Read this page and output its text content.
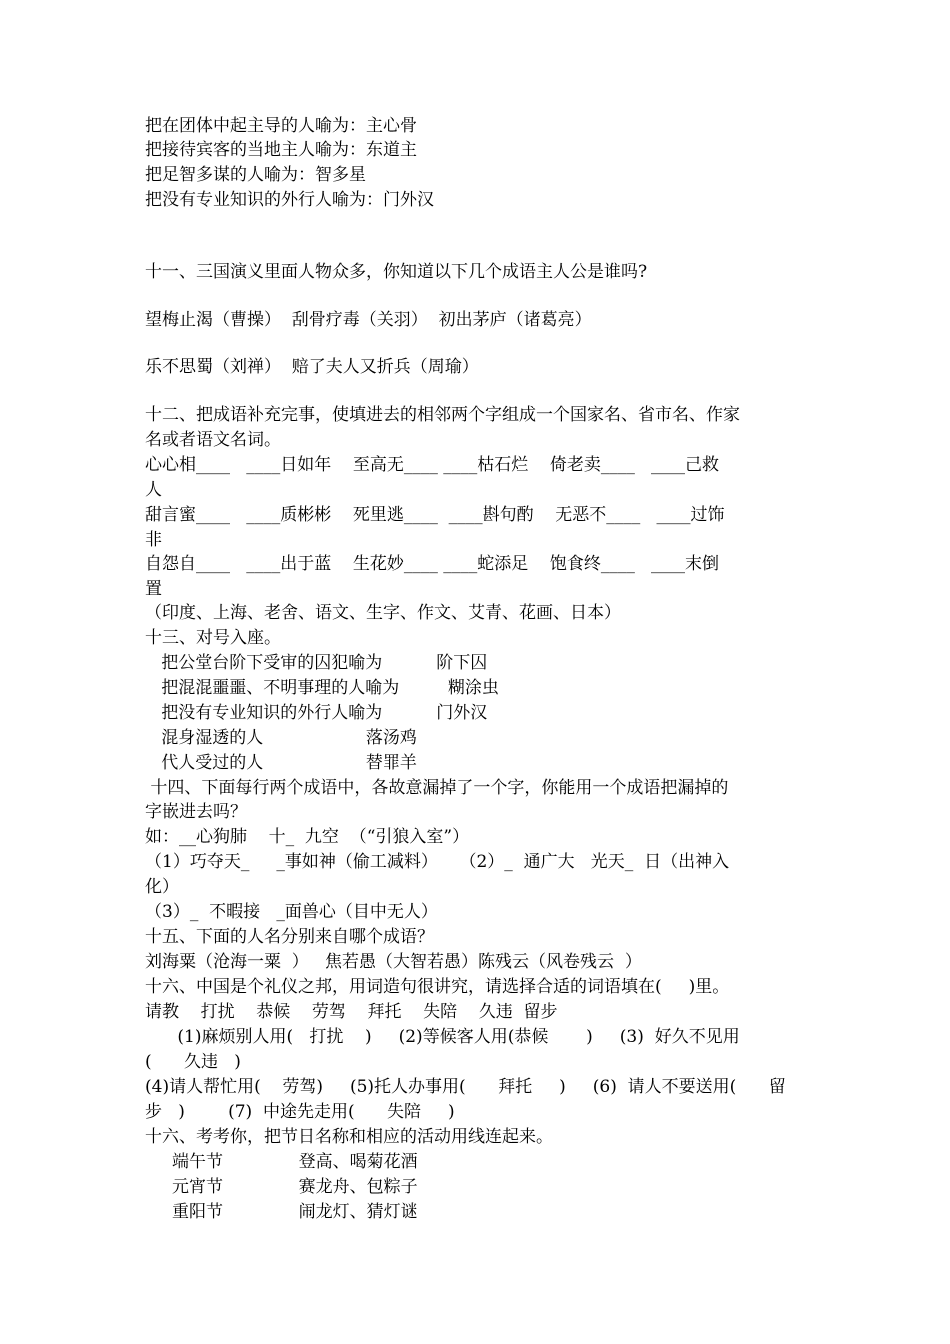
把在团体中起主导的人喻为：主心骨
把接待宾客的当地主人喻为：东道主
把足智多谋的人喻为：智多星
把没有专业知识的外行人喻为：门外汉
十一、三国演义里面人物众多，你知道以下几个成语主人公是谁吗?
望梅止渴（曹操）  刮骨疗毒（关羽）  初出茅庐（诸葛亮）
乐不思蜀（刘禅）  赔了夫人又折兵（周瑜）
十二、把成语补充完事，使填进去的相邻两个字组成一个国家名、省市名、作家
名或者语文名词。
心心相____   ____日如年    至高无____ ____枯石烂    倚老卖____   ____己救
人
甜言蜜____   ____质彬彬    死里逃____  ____斟句酌    无恶不____   ____过饰
非
自怨自____   ____出于蓝    生花妙____ ____蛇添足    饱食终____   ____末倒
置
（印度、上海、老舍、语文、生字、作文、艾青、花画、日本）
十三、对号入座。
把公堂台阶下受审的囚犯喻为          阶下囚
把混混噩噩、不明事理的人喻为         糊涂虫
把没有专业知识的外行人喻为          门外汉
混身湿透的人                   落汤鸡
代人受过的人                   替罪羊
十四、下面每行两个成语中，各故意漏掉了一个字，你能用一个成语把漏掉的
字嵌进去吗？
如：__心狗肺    十_  九空  （“引狼入室”）
（1）巧夺天_     _事如神（偷工减料）    （2）_  通广大   光天_  日（出神入
化）
（3）_  不暇接   _面兽心（目中无人）
十五、下面的人名分别来自哪个成语？
刘海粟（沧海一粟  ）   焦若愚（大智若愚）陈残云（风卷残云  ）
十六、中国是个礼仪之邦，用词造句很讲究，请选择合适的词语填在(     )里。
请教    打扰    恭候    劳驾    拜托    失陪    久违  留步
(1)麻烦别人用(   打扰    )     (2)等候客人用(恭候       )     (3)  好久不见用
(      久违   )
(4)请人帮忙用(    劳驾)     (5)托人办事用(      拜托     )     (6)  请人不要送用(      留
步   )        (7)  中途先走用(      失陪     )
十六、考考你，把节日名称和相应的活动用线连起来。
端午节              登高、喝菊花酒
元宵节              赛龙舟、包粽子
重阳节              闹龙灯、猜灯谜
